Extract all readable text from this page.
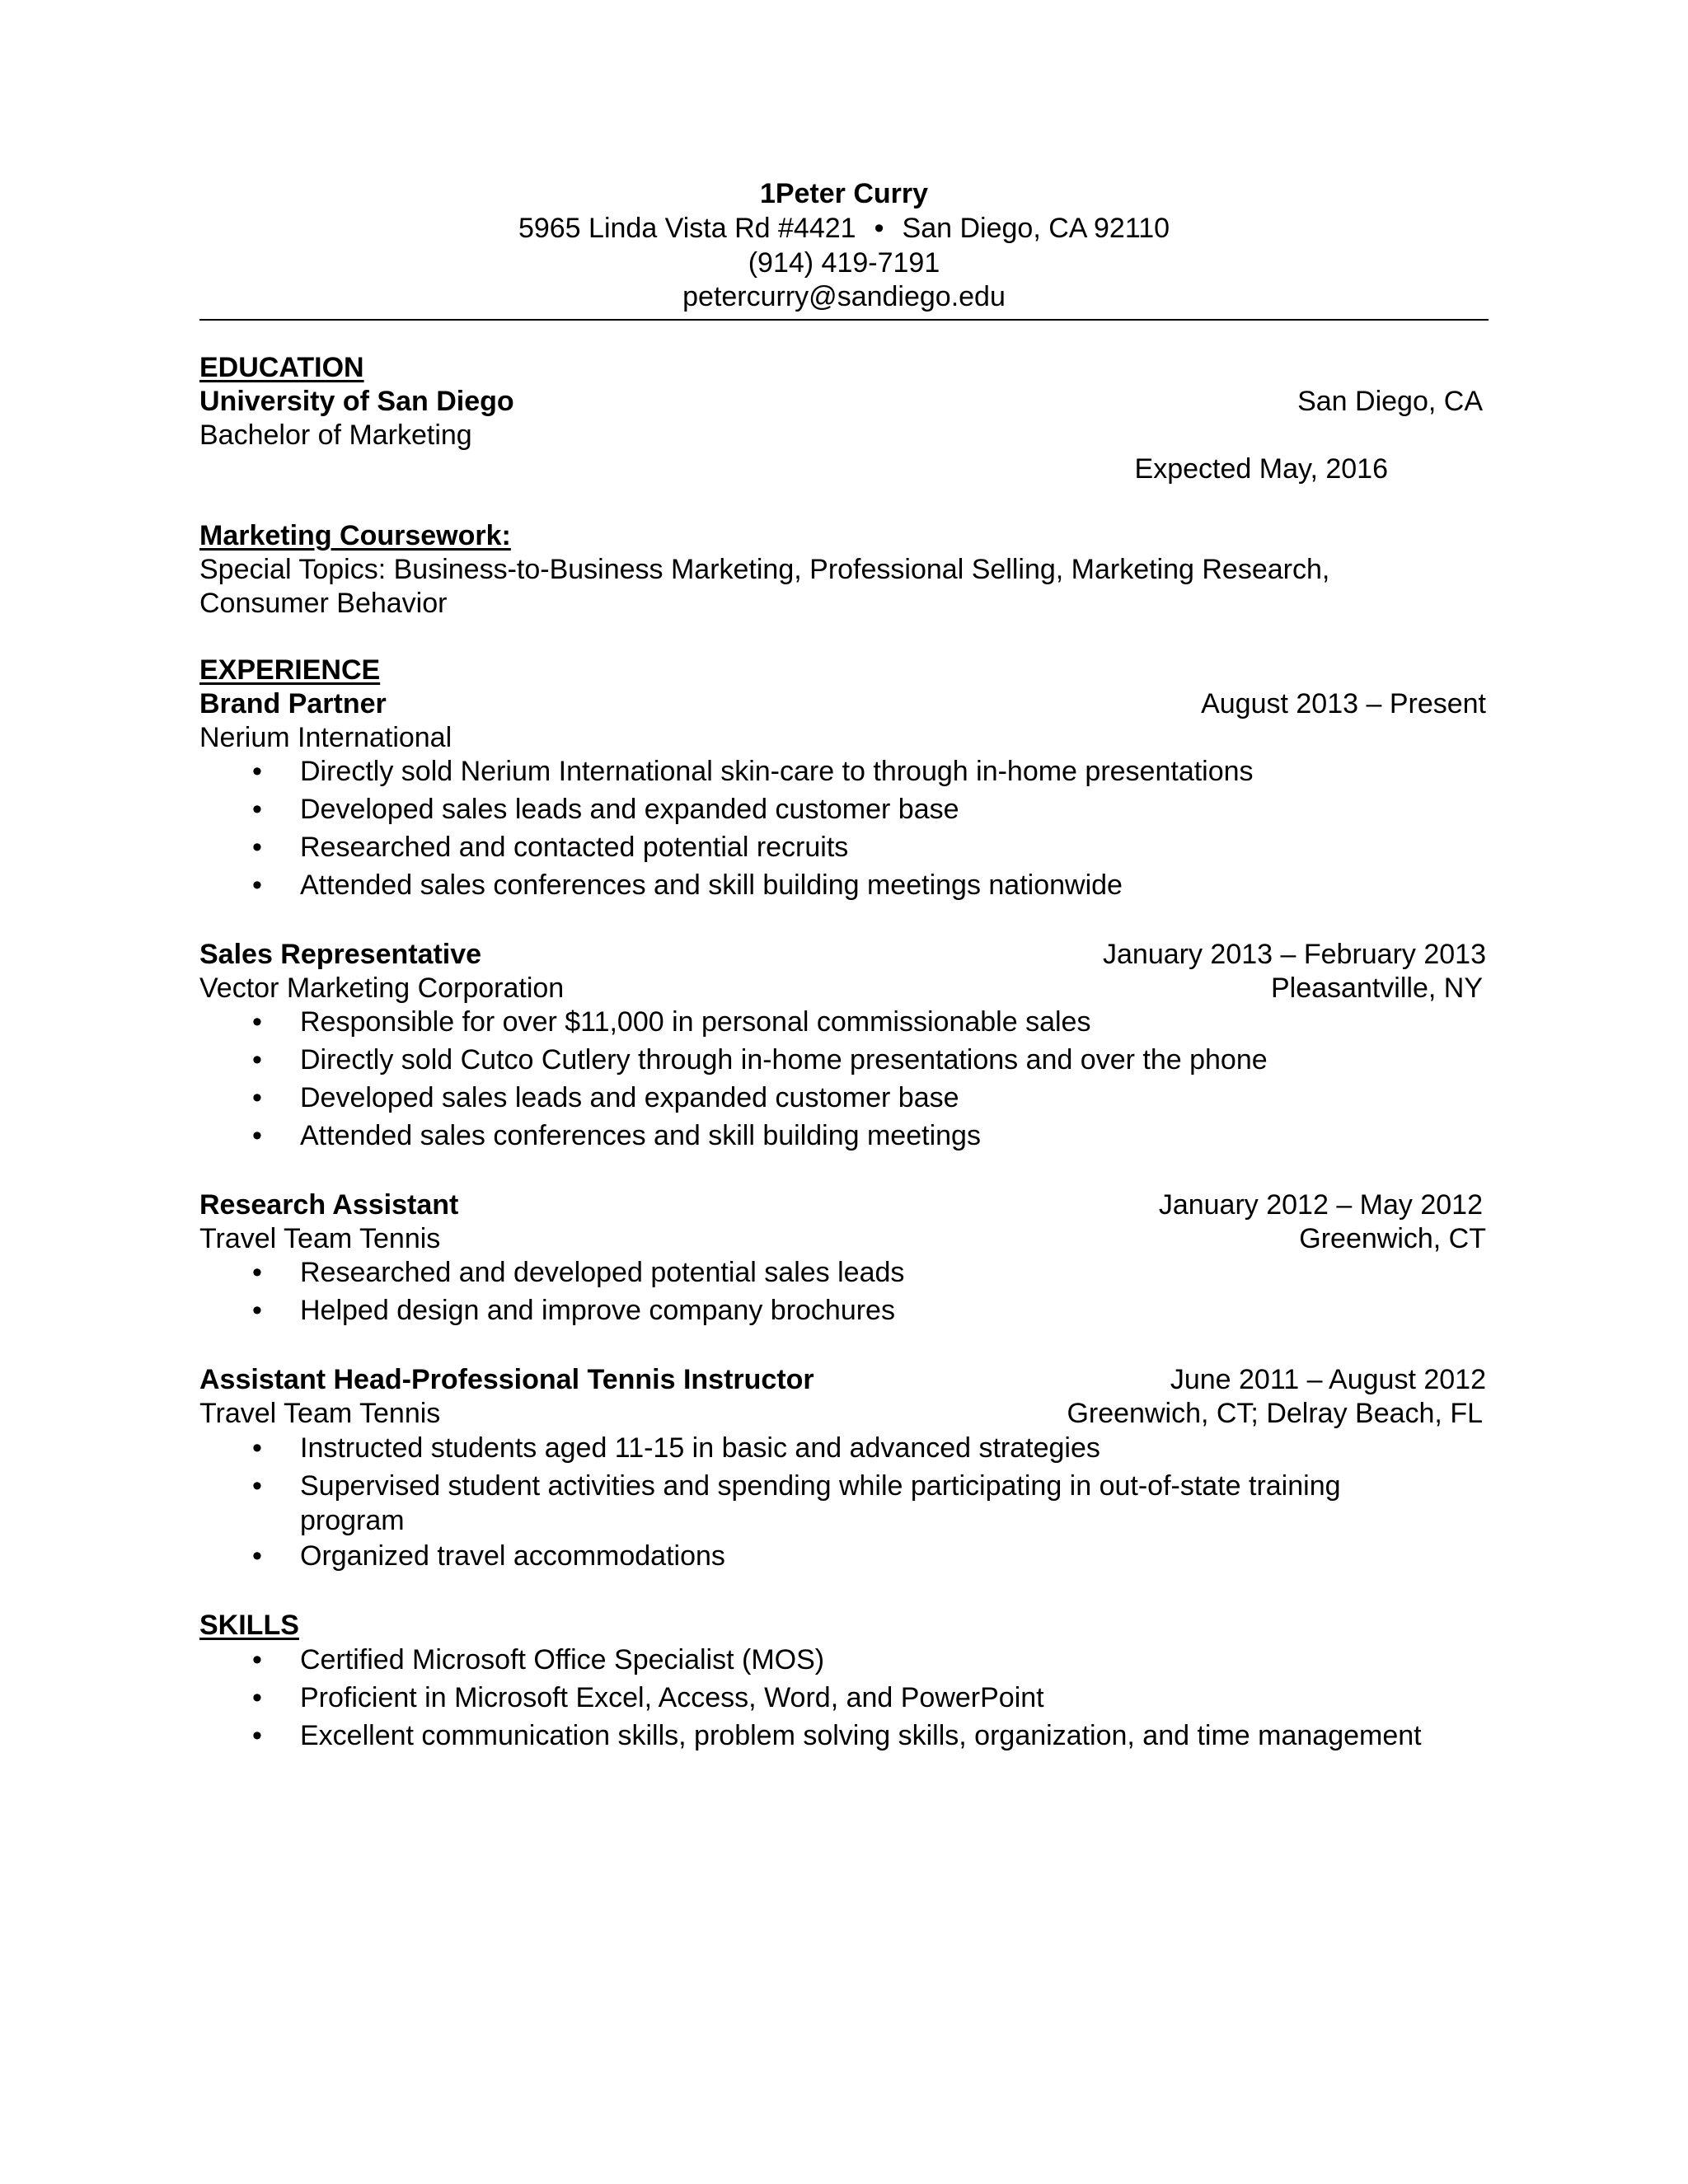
1Peter Curry
5965 Linda Vista Rd #4421 • San Diego, CA 92110
(914) 419-7191
petercurry@sandiego.edu
EDUCATION
University of San Diego	San Diego, CA
Bachelor of Marketing
Expected May, 2016
Marketing Coursework:
Special Topics: Business-to-Business Marketing, Professional Selling, Marketing Research,
Consumer Behavior
EXPERIENCE
Brand Partner	August 2013 – Present
Nerium International
• Directly sold Nerium International skin-care to through in-home presentations
• Developed sales leads and expanded customer base
• Researched and contacted potential recruits
• Attended sales conferences and skill building meetings nationwide
Sales Representative	January 2013 – February 2013
Vector Marketing Corporation	Pleasantville, NY
• Responsible for over $11,000 in personal commissionable sales
• Directly sold Cutco Cutlery through in-home presentations and over the phone
• Developed sales leads and expanded customer base
• Attended sales conferences and skill building meetings
Research Assistant	January 2012 – May 2012
Travel Team Tennis	Greenwich, CT
• Researched and developed potential sales leads
• Helped design and improve company brochures
Assistant Head-Professional Tennis Instructor	June 2011 – August 2012
Travel Team Tennis	Greenwich, CT; Delray Beach, FL
• Instructed students aged 11-15 in basic and advanced strategies
• Supervised student activities and spending while participating in out-of-state training
program
• Organized travel accommodations
SKILLS
• Certified Microsoft Office Specialist (MOS)
• Proficient in Microsoft Excel, Access, Word, and PowerPoint
• Excellent communication skills, problem solving skills, organization, and time management
